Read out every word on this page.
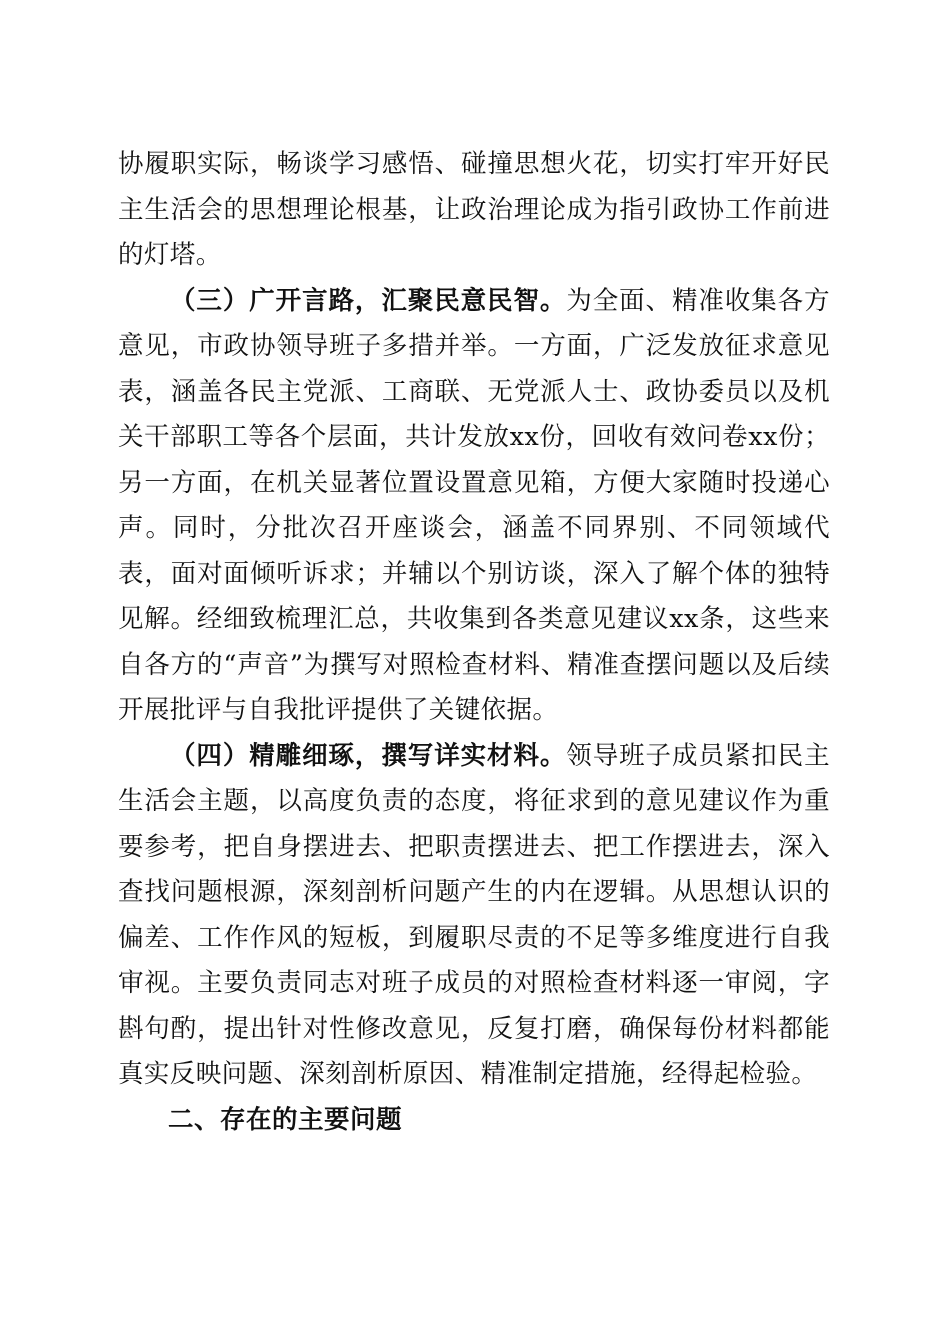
协履职实际，畅谈学习感悟、碰撞思想火花，切实打牢开好民主生活会的思想理论根基，让政治理论成为指引政协工作前进的灯塔。

（三）广开言路，汇聚民意民智。为全面、精准收集各方意见，市政协领导班子多措并举。一方面，广泛发放征求意见表，涵盖各民主党派、工商联、无党派人士、政协委员以及机关干部职工等各个层面，共计发放xx份，回收有效问卷xx份；另一方面，在机关显著位置设置意见箱，方便大家随时投递心声。同时，分批次召开座谈会，涵盖不同界别、不同领域代表，面对面倾听诉求；并辅以个别访谈，深入了解个体的独特见解。经细致梳理汇总，共收集到各类意见建议xx条，这些来自各方的“声音”为撰写对照检查材料、精准查摆问题以及后续开展批评与自我批评提供了关键依据。

（四）精雕细琢，撰写详实材料。领导班子成员紧扣民主生活会主题，以高度负责的态度，将征求到的意见建议作为重要参考，把自身摆进去、把职责摆进去、把工作摆进去，深入查找问题根源，深刻剖析问题产生的内在逻辑。从思想认识的偏差、工作作风的短板，到履职尽责的不足等多维度进行自我审视。主要负责同志对班子成员的对照检查材料逐一审阅，字斟句酌，提出针对性修改意见，反复打磨，确保每份材料都能真实反映问题、深刻剖析原因、精准制定措施，经得起检验。

二、存在的主要问题
